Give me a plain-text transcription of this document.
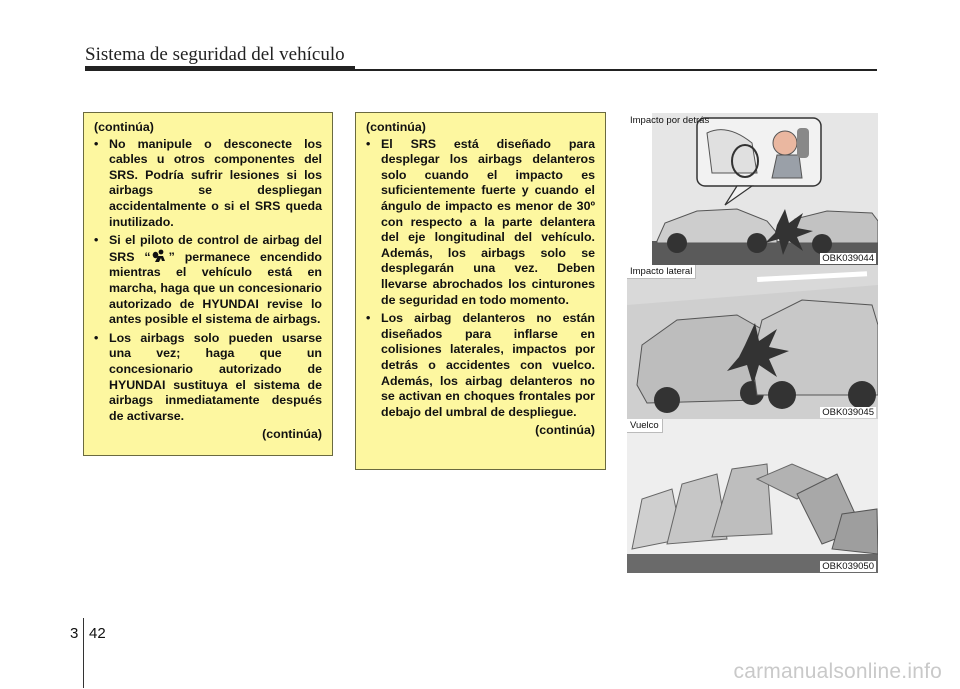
Sistema de seguridad del vehículo
(continúa)
• No manipule o desconecte los cables u otros componentes del SRS. Podría sufrir lesiones si los airbags se despliegan accidentalmente o si el SRS queda inutilizado.
• Si el piloto de control de airbag del SRS “ ” permanece encendido mientras el vehículo está en marcha, haga que un concesionario autorizado de HYUNDAI revise lo antes posible el sistema de airbags.
• Los airbags solo pueden usarse una vez; haga que un concesionario autorizado de HYUNDAI sustituya el sistema de airbags inmediatamente después de activarse.
(continúa)
(continúa)
• El SRS está diseñado para desplegar los airbags delanteros solo cuando el impacto es suficientemente fuerte y cuando el ángulo de impacto es menor de 30º con respecto a la parte delantera del eje longitudinal del vehículo. Además, los airbags solo se desplegarán una vez. Deben llevarse abrochados los cinturones de seguridad en todo momento.
• Los airbag delanteros no están diseñados para inflarse en colisiones laterales, impactos por detrás o accidentes con vuelco. Además, los airbag delanteros no se activan en choques frontales por debajo del umbral de despliegue.
(continúa)
Impacto por detrás
OBK039044
Impacto lateral
OBK039045
Vuelco
OBK039050
3 42
carmanualsonline.info
